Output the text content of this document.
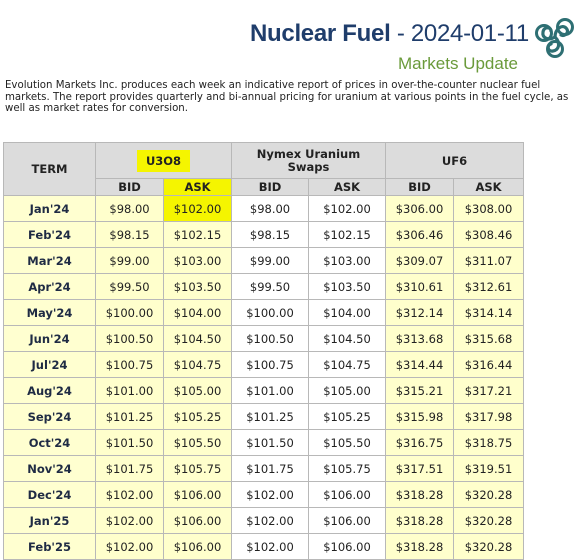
Nuclear Fuel - 2024-01-11
Markets Update
Evolution Markets Inc. produces each week an indicative report of prices in over-the-counter nuclear fuel markets. The report provides quarterly and bi-annual pricing for uranium at various points in the fuel cycle, as well as market rates for conversion.
TERM	U3O8		Nymex Uranium Swaps		UF6	
	BID	ASK	BID	ASK	BID	ASK
Jan'24	$98.00	$102.00	$98.00	$102.00	$306.00	$308.00
Feb'24	$98.15	$102.15	$98.15	$102.15	$306.46	$308.46
Mar'24	$99.00	$103.00	$99.00	$103.00	$309.07	$311.07
Apr'24	$99.50	$103.50	$99.50	$103.50	$310.61	$312.61
May'24	$100.00	$104.00	$100.00	$104.00	$312.14	$314.14
Jun'24	$100.50	$104.50	$100.50	$104.50	$313.68	$315.68
Jul'24	$100.75	$104.75	$100.75	$104.75	$314.44	$316.44
Aug'24	$101.00	$105.00	$101.00	$105.00	$315.21	$317.21
Sep'24	$101.25	$105.25	$101.25	$105.25	$315.98	$317.98
Oct'24	$101.50	$105.50	$101.50	$105.50	$316.75	$318.75
Nov'24	$101.75	$105.75	$101.75	$105.75	$317.51	$319.51
Dec'24	$102.00	$106.00	$102.00	$106.00	$318.28	$320.28
Jan'25	$102.00	$106.00	$102.00	$106.00	$318.28	$320.28
Feb'25	$102.00	$106.00	$102.00	$106.00	$318.28	$320.28
